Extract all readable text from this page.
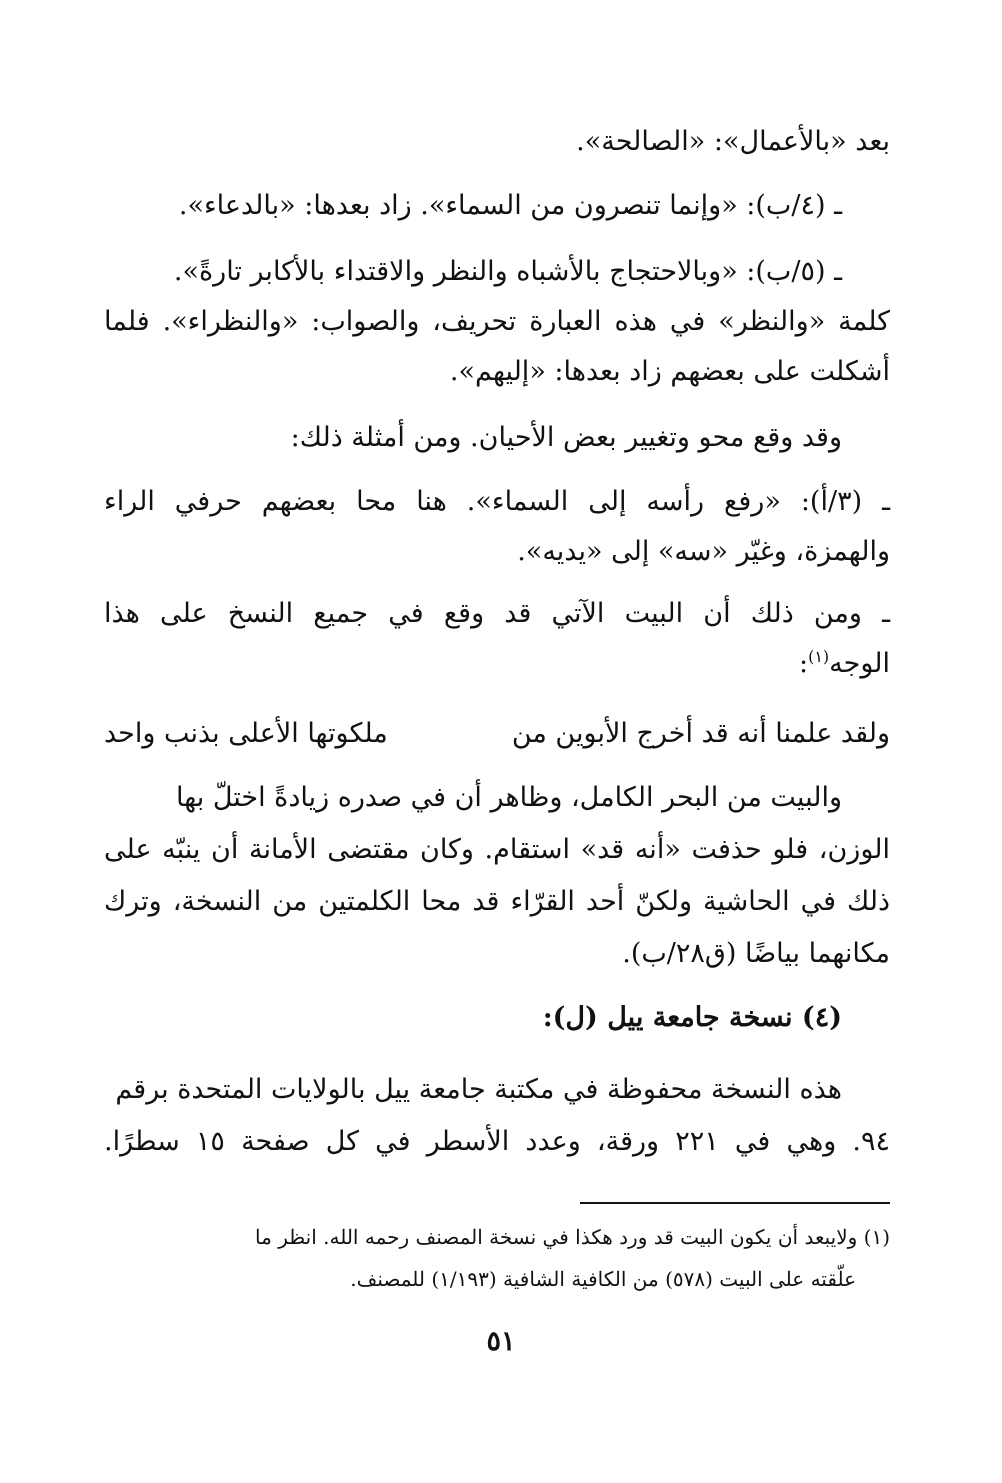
بعد «بالأعمال»: «الصالحة».
ـ (٤/ب): «وإنما تنصرون من السماء». زاد بعدها: «بالدعاء».
ـ (٥/ب): «وبالاحتجاج بالأشباه والنظر والاقتداء بالأكابر تارةً».
كلمة «والنظر» في هذه العبارة تحريف، والصواب: «والنظراء». فلما
أشكلت على بعضهم زاد بعدها: «إليهم».
وقد وقع محو وتغيير بعض الأحيان. ومن أمثلة ذلك:
ـ (٣/أ): «رفع رأسه إلى السماء». هنا محا بعضهم حرفي الراء
والهمزة، وغيّر «سه» إلى «يديه».
ـ ومن ذلك أن البيت الآتي قد وقع في جميع النسخ على هذا
الوجه$^{(١)}$:
ولقد علمنا أنه قد أخرج الأبوين من
ملكوتها الأعلى بذنب واحد
والبيت من البحر الكامل، وظاهر أن في صدره زيادةً اختلّ بها
الوزن، فلو حذفت «أنه قد» استقام. وكان مقتضى الأمانة أن ينبّه على
ذلك في الحاشية ولكنّ أحد القرّاء قد محا الكلمتين من النسخة، وترك
مكانهما بياضًا (ق٢٨/ب).
(٤) نسخة جامعة ييل (ل):
هذه النسخة محفوظة في مكتبة جامعة ييل بالولايات المتحدة برقم
٩٤. وهي في ٢٢١ ورقة، وعدد الأسطر في كل صفحة ١٥ سطرًا.
(١) ولايبعد أن يكون البيت قد ورد هكذا في نسخة المصنف رحمه الله. انظر ما
علّقته على البيت (٥٧٨) من الكافية الشافية (١/١٩٣) للمصنف.
٥١
